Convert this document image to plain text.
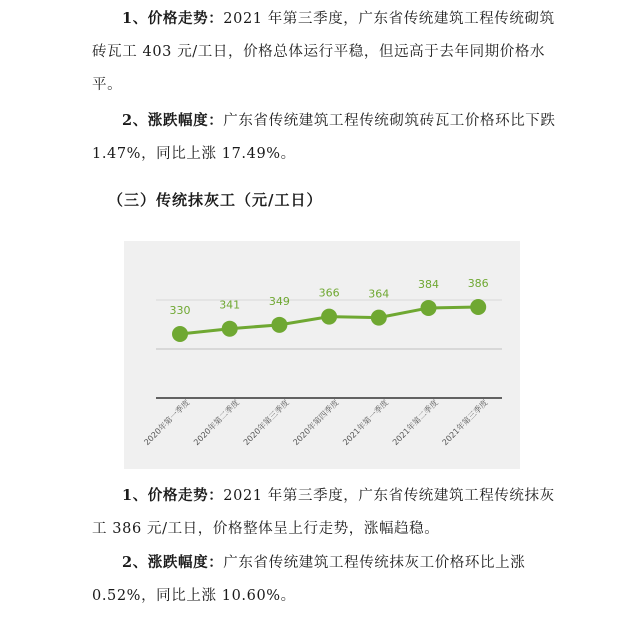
1、价格走势：2021 年第三季度，广东省传统建筑工程传统砌筑砖瓦工 403 元/工日，价格总体运行平稳，但远高于去年同期价格水平。

2、涨跌幅度：广东省传统建筑工程传统砌筑砖瓦工价格环比下跌 1.47%，同比上涨 17.49%。

（三）传统抹灰工（元/工日）

330	341	349
366	364
384	386
2020年第一季度 2020年第二季度 2020年第三季度 2020年第四季度 2021年第一季度 2021年第二季度 2021年第三季度

1、价格走势：2021 年第三季度，广东省传统建筑工程传统抹灰工 386 元/工日，价格整体呈上行走势，涨幅趋稳。

2、涨跌幅度：广东省传统建筑工程传统抹灰工价格环比上涨 0.52%，同比上涨 10.60%。
